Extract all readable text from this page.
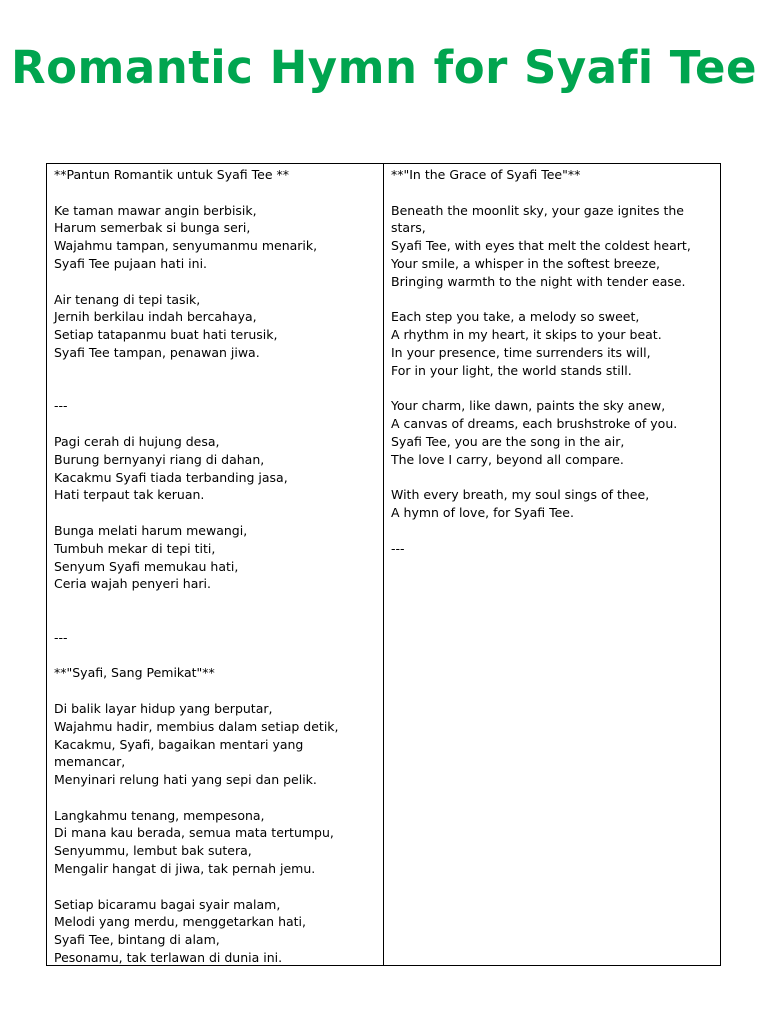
Romantic Hymn for Syafi Tee

**Pantun Romantik untuk Syafi Tee **

Ke taman mawar angin berbisik,

Harum semerbak si bunga seri,

Wajahmu tampan, senyumanmu menarik,

Syafi Tee pujaan hati ini.

Air tenang di tepi tasik,

Jernih berkilau indah bercahaya,

Setiap tatapanmu buat hati terusik,

Syafi Tee tampan, penawan jiwa.

---

Pagi cerah di hujung desa,

Burung bernyanyi riang di dahan,

Kacakmu Syafi tiada terbanding jasa,

Hati terpaut tak keruan.

Bunga melati harum mewangi,

Tumbuh mekar di tepi titi,

Senyum Syafi memukau hati,

Ceria wajah penyeri hari.

---

**"Syafi, Sang Pemikat"**

Di balik layar hidup yang berputar,

Wajahmu hadir, membius dalam setiap detik,

Kacakmu, Syafi, bagaikan mentari yang memancar,

Menyinari relung hati yang sepi dan pelik.

Langkahmu tenang, mempesona,

Di mana kau berada, semua mata tertumpu,

Senyummu, lembut bak sutera,

Mengalir hangat di jiwa, tak pernah jemu.

Setiap bicaramu bagai syair malam,

Melodi yang merdu, menggetarkan hati,

Syafi Tee, bintang di alam,

Pesonamu, tak terlawan di dunia ini.

**"In the Grace of Syafi Tee"**

Beneath the moonlit sky, your gaze ignites the stars,

Syafi Tee, with eyes that melt the coldest heart,

Your smile, a whisper in the softest breeze,

Bringing warmth to the night with tender ease.

Each step you take, a melody so sweet,

A rhythm in my heart, it skips to your beat.

In your presence, time surrenders its will,

For in your light, the world stands still.

Your charm, like dawn, paints the sky anew,

A canvas of dreams, each brushstroke of you.

Syafi Tee, you are the song in the air,

The love I carry, beyond all compare.

With every breath, my soul sings of thee,

A hymn of love, for Syafi Tee.

---
